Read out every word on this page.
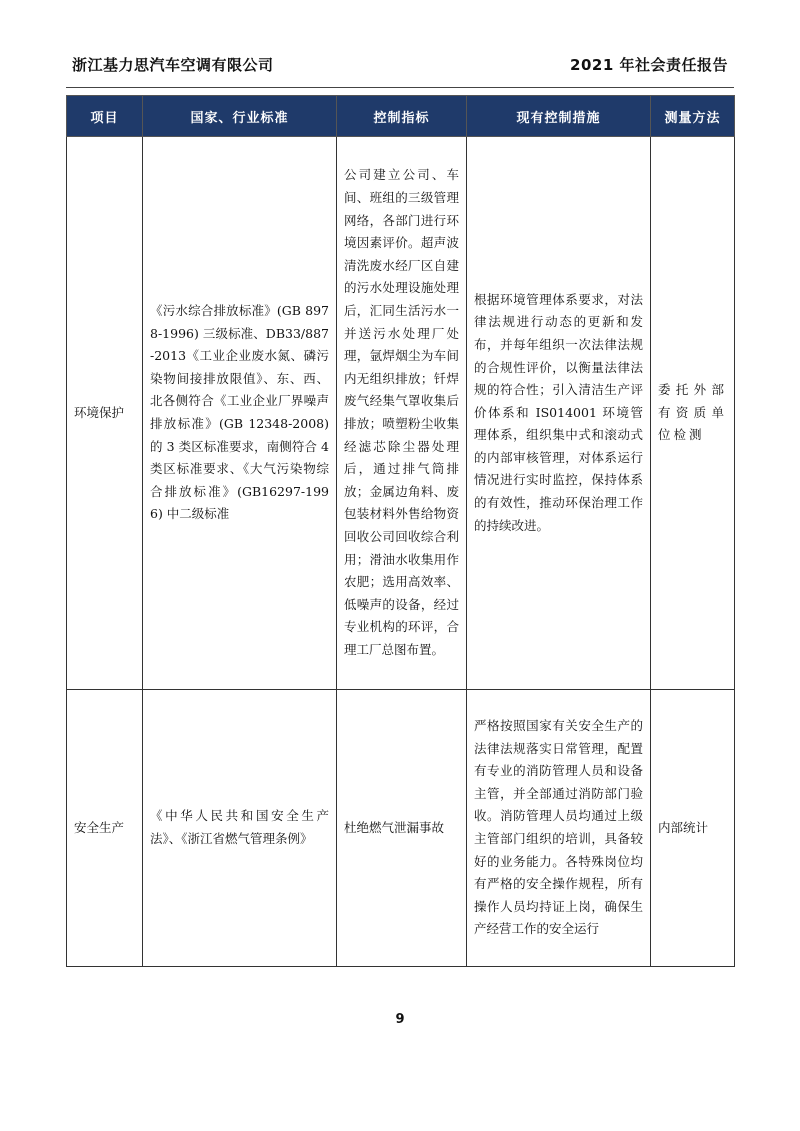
浙江基力思汽车空调有限公司	2021 年社会责任报告
项目	国家、行业标准	控制指标	现有控制措施	测量方法
环境保护	《污水综合排放标准》(GB 8978-1996) 三级标准、DB33/887-2013《工业企业废水氮、磷污染物间接排放限值》、东、西、北各侧符合《工业企业厂界噪声排放标准》(GB 12348-2008) 的 3 类区标准要求，南侧符合 4 类区标准要求、《大气污染物综合排放标准》(GB16297-1996) 中二级标准	公司建立公司、车间、班组的三级管理网络，各部门进行环境因素评价。超声波清洗废水经厂区自建的污水处理设施处理后，汇同生活污水一并送污水处理厂处理，氩焊烟尘为车间内无组织排放；钎焊废气经集气罩收集后排放；喷塑粉尘收集经滤芯除尘器处理后，通过排气筒排放；金属边角料、废包装材料外售给物资回收公司回收综合利用；滑油水收集用作农肥；选用高效率、低噪声的设备，经过专业机构的环评，合理工厂总图布置。	根据环境管理体系要求，对法律法规进行动态的更新和发布，并每年组织一次法律法规的合规性评价，以衡量法律法规的符合性；引入清洁生产评价体系和 IS014001 环境管理体系，组织集中式和滚动式的内部审核管理，对体系运行情况进行实时监控，保持体系的有效性，推动环保治理工作的持续改进。	委托外部有资质单位检测
安全生产	《中华人民共和国安全生产法》、《浙江省燃气管理条例》	杜绝燃气泄漏事故	严格按照国家有关安全生产的法律法规落实日常管理，配置有专业的消防管理人员和设备主管，并全部通过消防部门验收。消防管理人员均通过上级主管部门组织的培训，具备较好的业务能力。各特殊岗位均有严格的安全操作规程，所有操作人员均持证上岗，确保生产经营工作的安全运行	内部统计
9
